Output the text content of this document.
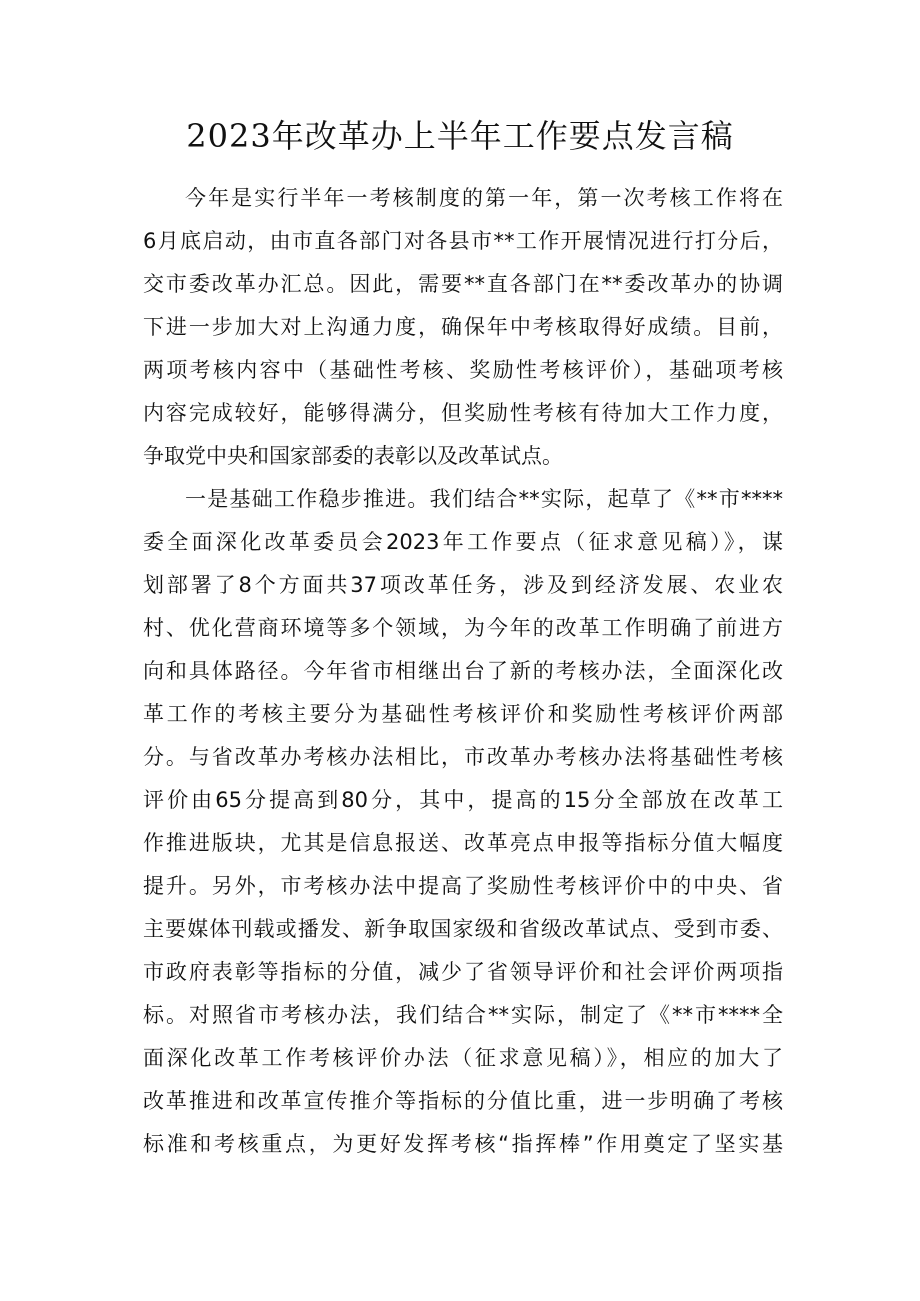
2023年改革办上半年工作要点发言稿
今年是实行半年一考核制度的第一年，第一次考核工作将在
6月底启动，由市直各部门对各县市**工作开展情况进行打分后，
交市委改革办汇总。因此，需要**直各部门在**委改革办的协调
下进一步加大对上沟通力度，确保年中考核取得好成绩。目前，
两项考核内容中（基础性考核、奖励性考核评价），基础项考核
内容完成较好，能够得满分，但奖励性考核有待加大工作力度，
争取党中央和国家部委的表彰以及改革试点。
一是基础工作稳步推进。我们结合**实际，起草了《**市****
委全面深化改革委员会2023年工作要点（征求意见稿）》，谋
划部署了8个方面共37项改革任务，涉及到经济发展、农业农
村、优化营商环境等多个领域，为今年的改革工作明确了前进方
向和具体路径。今年省市相继出台了新的考核办法，全面深化改
革工作的考核主要分为基础性考核评价和奖励性考核评价两部
分。与省改革办考核办法相比，市改革办考核办法将基础性考核
评价由65分提高到80分，其中，提高的15分全部放在改革工
作推进版块，尤其是信息报送、改革亮点申报等指标分值大幅度
提升。另外，市考核办法中提高了奖励性考核评价中的中央、省
主要媒体刊载或播发、新争取国家级和省级改革试点、受到市委、
市政府表彰等指标的分值，减少了省领导评价和社会评价两项指
标。对照省市考核办法，我们结合**实际，制定了《**市****全
面深化改革工作考核评价办法（征求意见稿）》，相应的加大了
改革推进和改革宣传推介等指标的分值比重，进一步明确了考核
标准和考核重点，为更好发挥考核“指挥棒”作用奠定了坚实基
